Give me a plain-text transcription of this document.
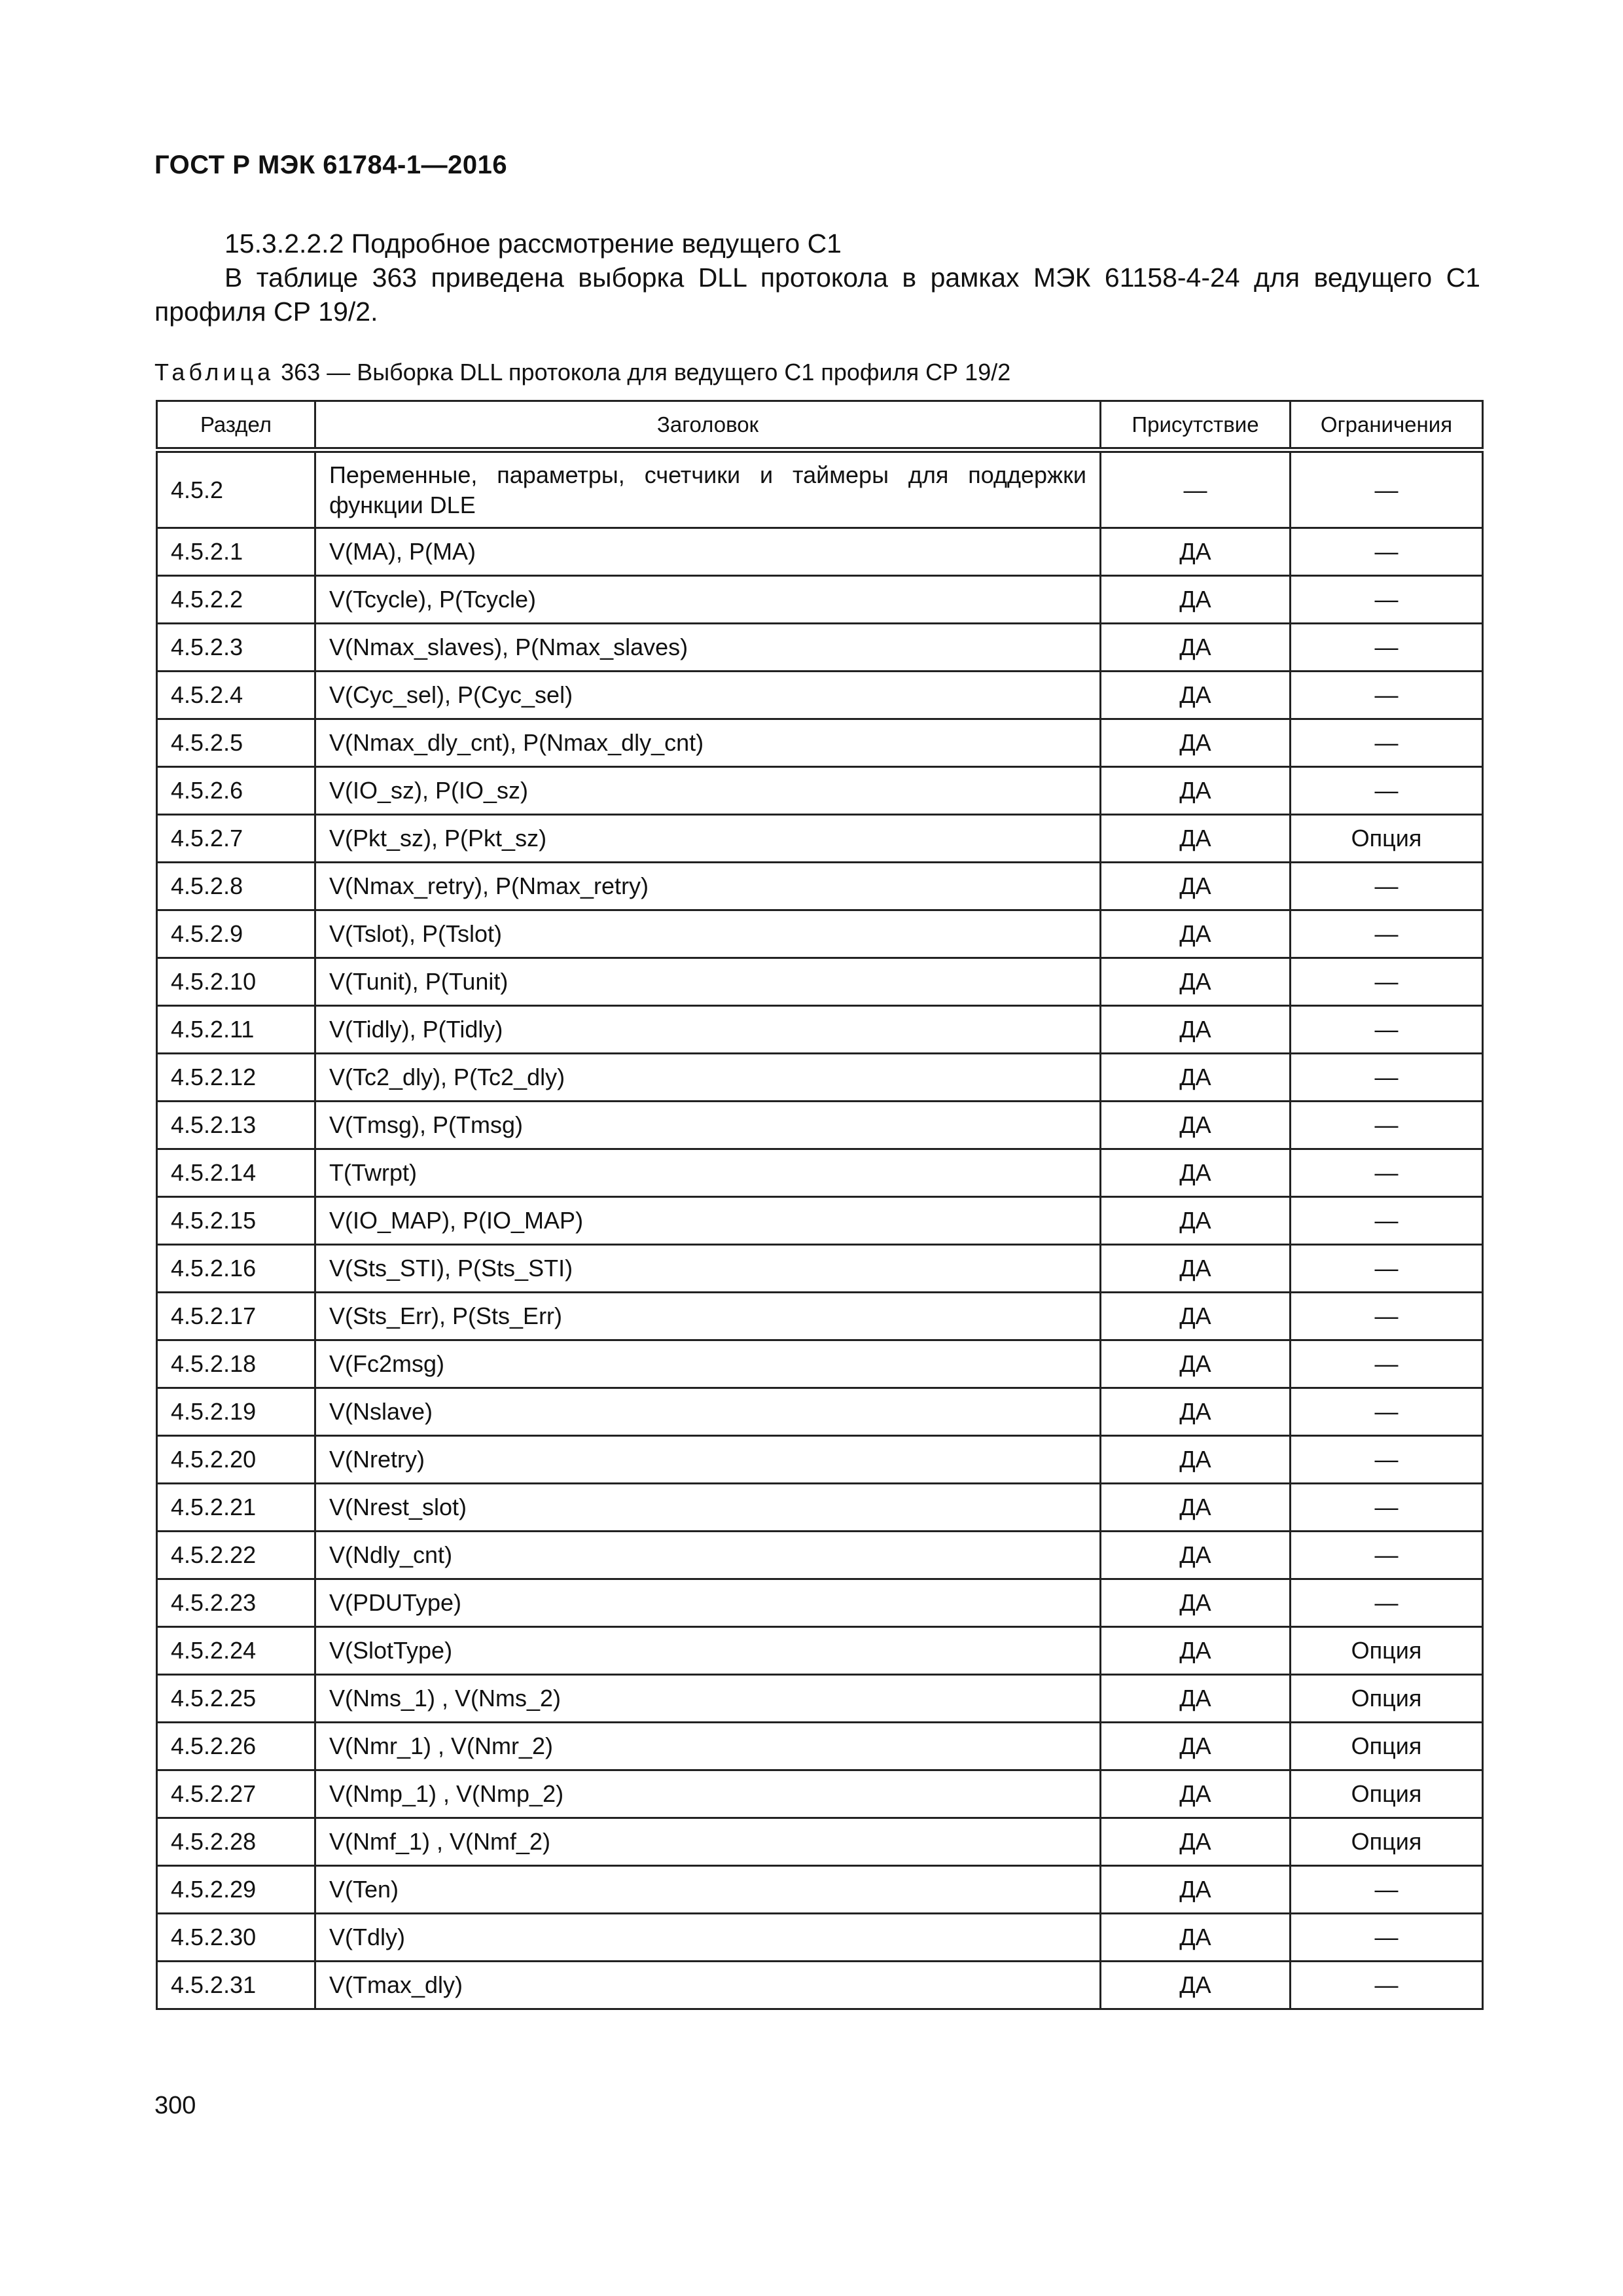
ГОСТ Р МЭК 61784-1—2016
15.3.2.2.2 Подробное рассмотрение ведущего С1
В таблице 363 приведена выборка DLL протокола в рамках МЭК 61158-4-24 для ведущего С1 профиля СР 19/2.
Таблица 363 — Выборка DLL протокола для ведущего С1 профиля СР 19/2
Раздел	Заголовок	Присутствие	Ограничения
4.5.2	Переменные, параметры, счетчики и таймеры для поддержки функции DLE	—	—
4.5.2.1	V(MA), P(MA)	ДА	—
4.5.2.2	V(Tcycle), P(Tcycle)	ДА	—
4.5.2.3	V(Nmax_slaves), P(Nmax_slaves)	ДА	—
4.5.2.4	V(Cyc_sel), P(Cyc_sel)	ДА	—
4.5.2.5	V(Nmax_dly_cnt), P(Nmax_dly_cnt)	ДА	—
4.5.2.6	V(IO_sz), P(IO_sz)	ДА	—
4.5.2.7	V(Pkt_sz), P(Pkt_sz)	ДА	Опция
4.5.2.8	V(Nmax_retry), P(Nmax_retry)	ДА	—
4.5.2.9	V(Tslot), P(Tslot)	ДА	—
4.5.2.10	V(Tunit), P(Tunit)	ДА	—
4.5.2.11	V(Tidly), P(Tidly)	ДА	—
4.5.2.12	V(Tc2_dly), P(Tc2_dly)	ДА	—
4.5.2.13	V(Tmsg), P(Tmsg)	ДА	—
4.5.2.14	T(Twrpt)	ДА	—
4.5.2.15	V(IO_MAP), P(IO_MAP)	ДА	—
4.5.2.16	V(Sts_STI), P(Sts_STI)	ДА	—
4.5.2.17	V(Sts_Err), P(Sts_Err)	ДА	—
4.5.2.18	V(Fc2msg)	ДА	—
4.5.2.19	V(Nslave)	ДА	—
4.5.2.20	V(Nretry)	ДА	—
4.5.2.21	V(Nrest_slot)	ДА	—
4.5.2.22	V(Ndly_cnt)	ДА	—
4.5.2.23	V(PDUType)	ДА	—
4.5.2.24	V(SlotType)	ДА	Опция
4.5.2.25	V(Nms_1) , V(Nms_2)	ДА	Опция
4.5.2.26	V(Nmr_1) , V(Nmr_2)	ДА	Опция
4.5.2.27	V(Nmp_1) , V(Nmp_2)	ДА	Опция
4.5.2.28	V(Nmf_1) , V(Nmf_2)	ДА	Опция
4.5.2.29	V(Ten)	ДА	—
4.5.2.30	V(Tdly)	ДА	—
4.5.2.31	V(Tmax_dly)	ДА	—
300
